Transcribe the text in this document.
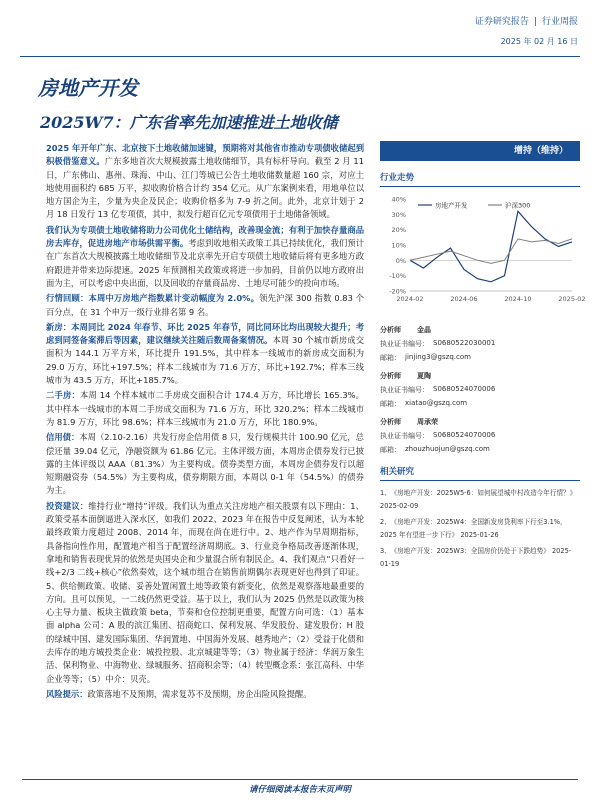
证券研究报告 | 行业周报
2025 年 02 月 16 日
房地产开发
2025W7：广东省率先加速推进土地收储

2025 年开年广东、北京按下土地收储加速键，预期将对其他省市推动专项债收储起到积极借鉴意义。广东多地首次大规模披露土地收储细节，具有标杆导向。截至 2 月 11 日，广东佛山、惠州、珠海、中山、江门等城已公告土地收储数量超 160 宗，对应土地使用面积约 685 万平，拟收购价格合计约 354 亿元。从广东案例来看，用地单位以地方国企为主，少量为央企及民企；收购价格多为 7-9 折之间。此外，北京计划于 2 月 18 日发行 13 亿专项债，其中，拟发行超百亿元专项债用于土地储备领域。

我们认为专项债土地收储将助力公司优化土储结构，改善现金流；有利于加快存量商品房去库存，促进房地产市场供需平衡。考虑到收地相关政策工具已持续优化，我们预计在广东首次大规模披露土地收储细节及北京率先开启专项债土地收储后将有更多地方政府跟进并带来边际提速。2025 年预测相关政策或将进一步加码，目前仍以地方政府出面为主，可以考虑中央出面，以及回收的存量商品房、土地尽可能少的投向市场。

行情回顾：本周中万房地产指数累计变动幅度为 2.0%。领先沪深 300 指数 0.83 个百分点，在 31 个申万一级行业排名第 9 名。

新房：本周同比 2024 年春节、环比 2025 年春节，同比同环比均出现较大提升；考虑到同签备案滞后等因素，建议继续关注随后数周备案情况。本周 30 个城市新房成交面积为 144.1 万平方米，环比提升 191.5%，其中样本一线城市的新房成交面积为 29.0 万方，环比+197.5%；样本二线城市为 71.6 万方，环比+192.7%；样本三线城市为 43.5 万方，环比+185.7%。

二手房：本周 14 个样本城市二手房成交面积合计 174.4 万方，环比增长 165.3%。其中样本一线城市的本周二手房成交面积为 71.6 万方，环比 320.2%；样本二线城市为 81.9 万方，环比 98.6%；样本三线城市为 21.0 万方，环比 180.9%。

信用债：本周（2.10-2.16）共发行房企信用债 8 只，发行规模共计 100.90 亿元，总偿还量 39.04 亿元，净融资额为 61.86 亿元。主体评级方面，本周房企债券发行已披露的主体评级以 AAA（81.3%）为主要构成。债券类型方面，本周房企债券发行以超短期融资券（54.5%）为主要构成，债券期限方面，本周以 0-1 年（54.5%）的债券为主。

投资建议：维持行业“增持”评级。我们认为重点关注房地产相关股票有以下理由：1、政策受基本面倒逼进入深水区，如我们 2022、2023 年在报告中反复阐述，认为本轮最终政策力度超过 2008、2014 年，而现在尚在进行中。2、地产作为早周期指标，具备指向性作用，配置地产相当于配置经济周期底。3、行业竞争格局改善逐渐体现，拿地和销售表现优异的依然是央国央企和少量混合所有制民企。4、我们观点“只看好一线+2/3 二线+核心”依然奏效，这个城市组合在销售前期偶尔表现更好也得到了印证。5、供给侧政策、收储、妥善处置闲置土地等政策有新变化，依然是观察落地最重要的方向。且可以预见，一二线仍然更受益。基于以上，我们认为 2025 仍然是以政策为核心主导力量、板块主做政策 beta，节奏和仓位控制更重要，配置方向可选：（1）基本面 alpha 公司：A 股的滨江集团、招商蛇口、保利发展、华发股份、建发股份；H 股的绿城中国、建发国际集团、华润置地、中国海外发展、越秀地产；（2）受益于化债和去库存的地方城投类企业：城投控股、北京城建等等；（3）物业属于经济：华润万象生活、保利物业、中海物业、绿城服务、招商积余等；（4）转型概念系：张江高科、中华企业等等；（5）中介：贝壳。

风险提示：政策落地不及预期，需求复苏不及预期，房企出险风险提醒。

增持（维持）
行业走势
40%
30%
20%
10%
0%
-10%
-20%
2024-02	2024-06	2024-10	2025-02
房地产开发	沪深300
分析师 金晶
执业证书编号： S0680522030001
邮箱： jinjing3@gszq.com
分析师 夏陶
执业证书编号： S0680524070006
邮箱： xiatao@gszq.com
分析师 周承荣
执业证书编号： S0680524070006
邮箱： zhouzhuojun@gszq.com
相关研究
1、 《房地产开发：2025W5-6：如何展望城中村改造今年行情？》 2025-02-09
2、 《房地产开发：2025W4：全国新发房贷利率下行至3.1%，2025 年有望进一步下行》 2025-01-26
3、 《房地产开发：2025W3：全国房价仍处于下跌趋势》 2025-01-19
请仔细阅读本报告末页声明
